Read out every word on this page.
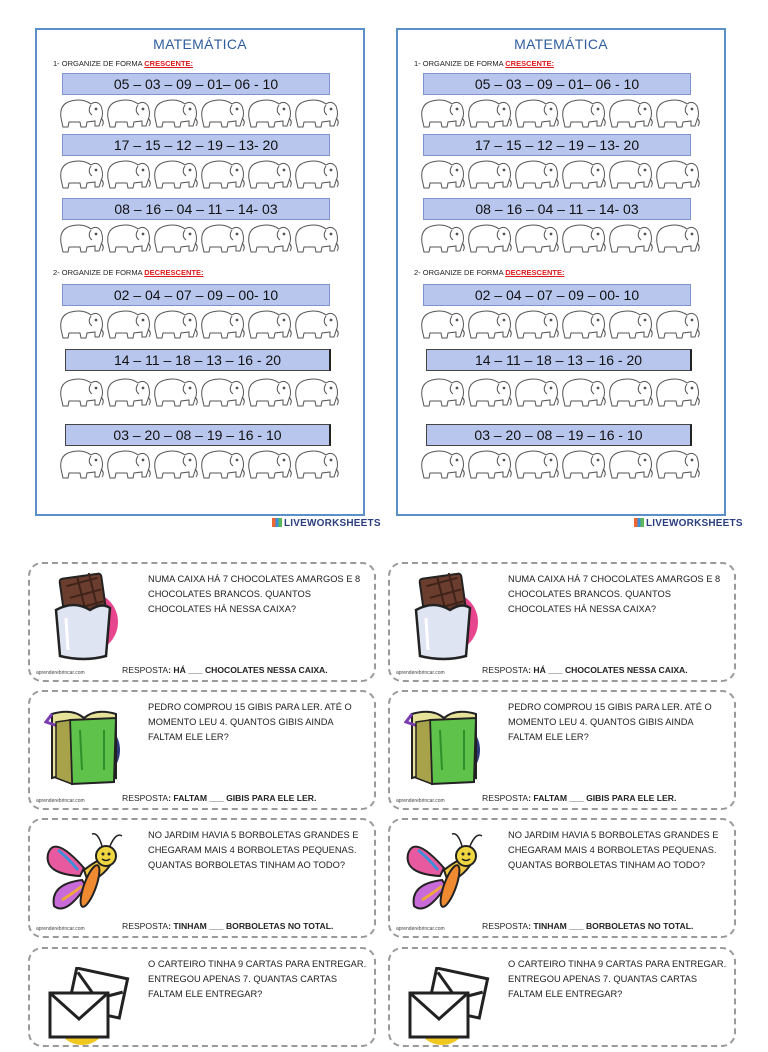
MATEMÁTICA
1- ORGANIZE DE FORMA CRESCENTE:
2- ORGANIZE DE FORMA DECRESCENTE:
05 – 03 – 09 – 01– 06 - 10
17 – 15 – 12 – 19 – 13- 20
08 – 16 – 04 – 11 – 14- 03
02 – 04 – 07 – 09 – 00- 10
14 – 11 – 18 – 13 – 16 - 20
03 – 20 – 08 – 19 – 16 - 10
LIVEWORKSHEETS
MATEMÁTICA
1- ORGANIZE DE FORMA CRESCENTE:
2- ORGANIZE DE FORMA DECRESCENTE:
05 – 03 – 09 – 01– 06 - 10
17 – 15 – 12 – 19 – 13- 20
08 – 16 – 04 – 11 – 14- 03
02 – 04 – 07 – 09 – 00- 10
14 – 11 – 18 – 13 – 16 - 20
03 – 20 – 08 – 19 – 16 - 10
LIVEWORKSHEETS
NUMA CAIXA HÁ 7 CHOCOLATES AMARGOS E 8 CHOCOLATES BRANCOS. QUANTOS CHOCOLATES HÁ NESSA CAIXA?
RESPOSTA: HÁ ___ CHOCOLATES NESSA CAIXA.
aprenderebrincar.com
PEDRO COMPROU 15 GIBIS PARA LER. ATÉ O MOMENTO LEU 4. QUANTOS GIBIS AINDA FALTAM ELE LER?
RESPOSTA: FALTAM ___ GIBIS PARA ELE LER.
aprenderebrincar.com
NO JARDIM HAVIA 5 BORBOLETAS GRANDES E CHEGARAM MAIS 4 BORBOLETAS PEQUENAS. QUANTAS BORBOLETAS TINHAM AO TODO?
RESPOSTA: TINHAM ___ BORBOLETAS NO TOTAL.
aprenderebrincar.com
O CARTEIRO TINHA 9 CARTAS PARA ENTREGAR. ENTREGOU APENAS 7. QUANTAS CARTAS FALTAM ELE ENTREGAR?
NUMA CAIXA HÁ 7 CHOCOLATES AMARGOS E 8 CHOCOLATES BRANCOS. QUANTOS CHOCOLATES HÁ NESSA CAIXA?
RESPOSTA: HÁ ___ CHOCOLATES NESSA CAIXA.
aprenderebrincar.com
PEDRO COMPROU 15 GIBIS PARA LER. ATÉ O MOMENTO LEU 4. QUANTOS GIBIS AINDA FALTAM ELE LER?
RESPOSTA: FALTAM ___ GIBIS PARA ELE LER.
aprenderebrincar.com
NO JARDIM HAVIA 5 BORBOLETAS GRANDES E CHEGARAM MAIS 4 BORBOLETAS PEQUENAS. QUANTAS BORBOLETAS TINHAM AO TODO?
RESPOSTA: TINHAM ___ BORBOLETAS NO TOTAL.
aprenderebrincar.com
O CARTEIRO TINHA 9 CARTAS PARA ENTREGAR. ENTREGOU APENAS 7. QUANTAS CARTAS FALTAM ELE ENTREGAR?
